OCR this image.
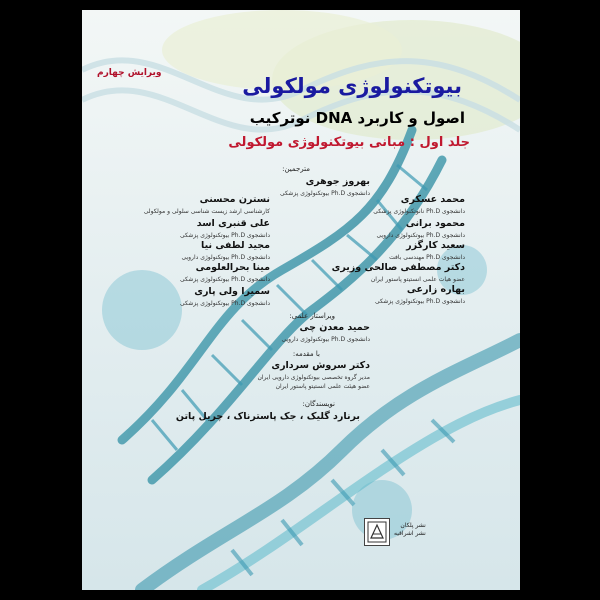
ویرایش چهارم
بیوتکنولوژی مولکولی
اصول و کاربرد DNA نوترکیب
جلد اول : مبانی بیوتکنولوژی مولکولی
مترجمین:
بهروز جوهری
دانشجوی Ph.D بیوتکنولوژی پزشکی
محمد عسکری
دانشجوی Ph.D نانوتکنولوژی پزشکی
نسترن محسنی
کارشناسی ارشد زیست شناسی سلولی و مولکولی
محمود برانی
دانشجوی Ph.D بیوتکنولوژی دارویی
علی قنبری اسد
دانشجوی Ph.D بیوتکنولوژی پزشکی
سعید کارگزر
دانشجوی Ph.D مهندسی بافت
مجید لطفی نیا
دانشجوی Ph.D بیوتکنولوژی دارویی
دکتر مصطفی صالحی وزیری
عضو هیات علمی انستیتو پاستور ایران
مینا بحرالعلومی
دانشجوی Ph.D بیوتکنولوژی پزشکی
بهاره زارعی
دانشجوی Ph.D بیوتکنولوژی پزشکی
سمیرا ولی پاری
دانشجوی Ph.D بیوتکنولوژی پزشکی
ویراستار علمی:
حمید معدن چی
دانشجوی Ph.D بیوتکنولوژی دارویی
با مقدمه:
دکتر سروش سرداری
مدیر گروه تخصصی بیوتکنولوژی دارویی ایران
عضو هیئت علمی انستیتو پاستور ایران
نویسندگان:
برنارد گلیک ، جک پاسترناک ، چریل پاتن
نشر پلکان
نشر اشراقیه
